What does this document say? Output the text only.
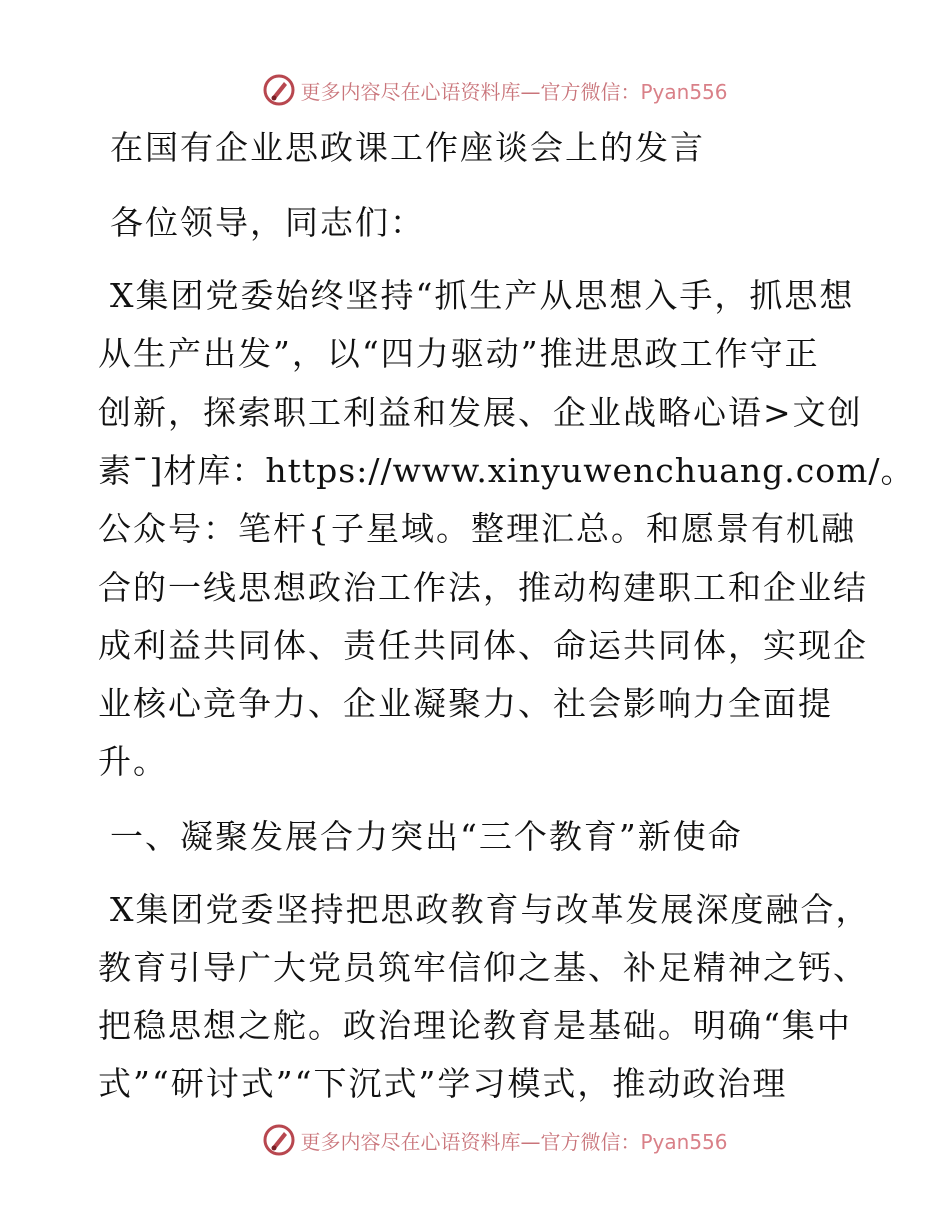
更多内容尽在心语资料库—官方微信：Pyan556
在国有企业思政课工作座谈会上的发言
各位领导，同志们：
X集团党委始终坚持“抓生产从思想入手，抓思想
从生产出发”，以“四力驱动”推进思政工作守正
创新，探索职工利益和发展、企业战略心语>文创
素¯]材库：https://www.xinyuwenchuang.com/。
公众号：笔杆{子星域。整理汇总。和愿景有机融
合的一线思想政治工作法，推动构建职工和企业结
成利益共同体、责任共同体、命运共同体，实现企
业核心竞争力、企业凝聚力、社会影响力全面提
升。
一、凝聚发展合力突出“三个教育”新使命
X集团党委坚持把思政教育与改革发展深度融合，
教育引导广大党员筑牢信仰之基、补足精神之钙、
把稳思想之舵。政治理论教育是基础。明确“集中
式”“研讨式”“下沉式”学习模式，推动政治理
更多内容尽在心语资料库—官方微信：Pyan556
